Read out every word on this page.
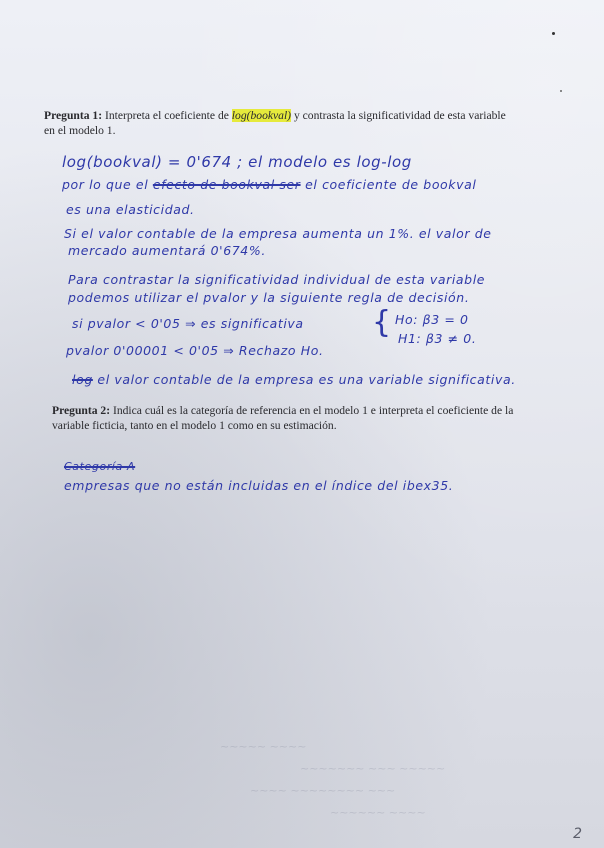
Pregunta 1: Interpreta el coeficiente de log(bookval) y contrasta la significatividad de esta variable
en el modelo 1.
log(bookval) = 0'674 ; el modelo es log-log
por lo que el efecto de bookval ser el coeficiente de bookval
es una elasticidad.
Si el valor contable de la empresa aumenta un 1%. el valor de
mercado aumentará 0'674%.
Para contrastar la significatividad individual de esta variable
podemos utilizar el pvalor y la siguiente regla de decisión.
si pvalor < 0'05 ⇒ es significativa { Ho: β3 = 0
H1: β3 ≠ 0.
pvalor 0'00001 < 0'05 ⇒ Rechazo Ho.
log el valor contable de la empresa es una variable significativa.
Pregunta 2: Indica cuál es la categoría de referencia en el modelo 1 e interpreta el coeficiente de la
variable ficticia, tanto en el modelo 1 como en su estimación.
Categoría A
empresas que no están incluidas en el índice del ibex35.
~~~~~ ~~~~
~~~~~~~ ~~~ ~~~~~
~~~~ ~~~~~~~~ ~~~
~~~~~~ ~~~~
2
